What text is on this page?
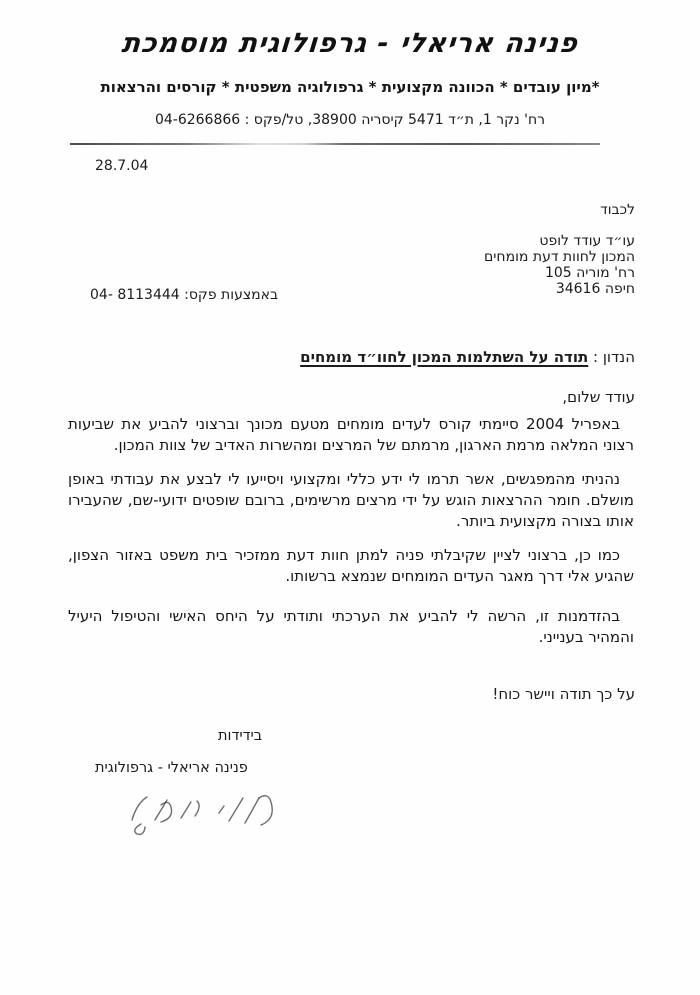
פנינה אריאלי - גרפולוגית מוסמכת
*מיון עובדים * הכוונה מקצועית * גרפולוגיה משפטית * קורסים והרצאות
רח' נקר 1, ת״ד 5471 קיסריה 38900, טל/פקס : 04-6266866
28.7.04
לכבוד
עו״ד עודד לופט
המכון לחוות דעת מומחים
רח' מוריה 105
חיפה 34616
באמצעות פקס: 04- 8113444
הנדון : תודה על השתלמות המכון לחוו״ד מומחים
עודד שלום,

באפריל 2004 סיימתי קורס לעדים מומחים מטעם מכונך וברצוני להביע את שביעות רצוני המלאה מרמת הארגון, מרמתם של המרצים ומהשרות האדיב של צוות המכון.

נהניתי מהמפגשים, אשר תרמו לי ידע כללי ומקצועי ויסייעו לי לבצע את עבודתי באופן מושלם. חומר ההרצאות הוגש על ידי מרצים מרשימים, ברובם שופטים ידועי-שם, שהעבירו אותו בצורה מקצועית ביותר.

כמו כן, ברצוני לציין שקיבלתי פניה למתן חוות דעת ממזכיר בית משפט באזור הצפון, שהגיע אלי דרך מאגר העדים המומחים שנמצא ברשותו.

בהזדמנות זו, הרשה לי להביע את הערכתי ותודתי על היחס האישי והטיפול היעיל והמהיר בענייני.

על כך תודה ויישר כוח!
בידידות
פנינה אריאלי - גרפולוגית
